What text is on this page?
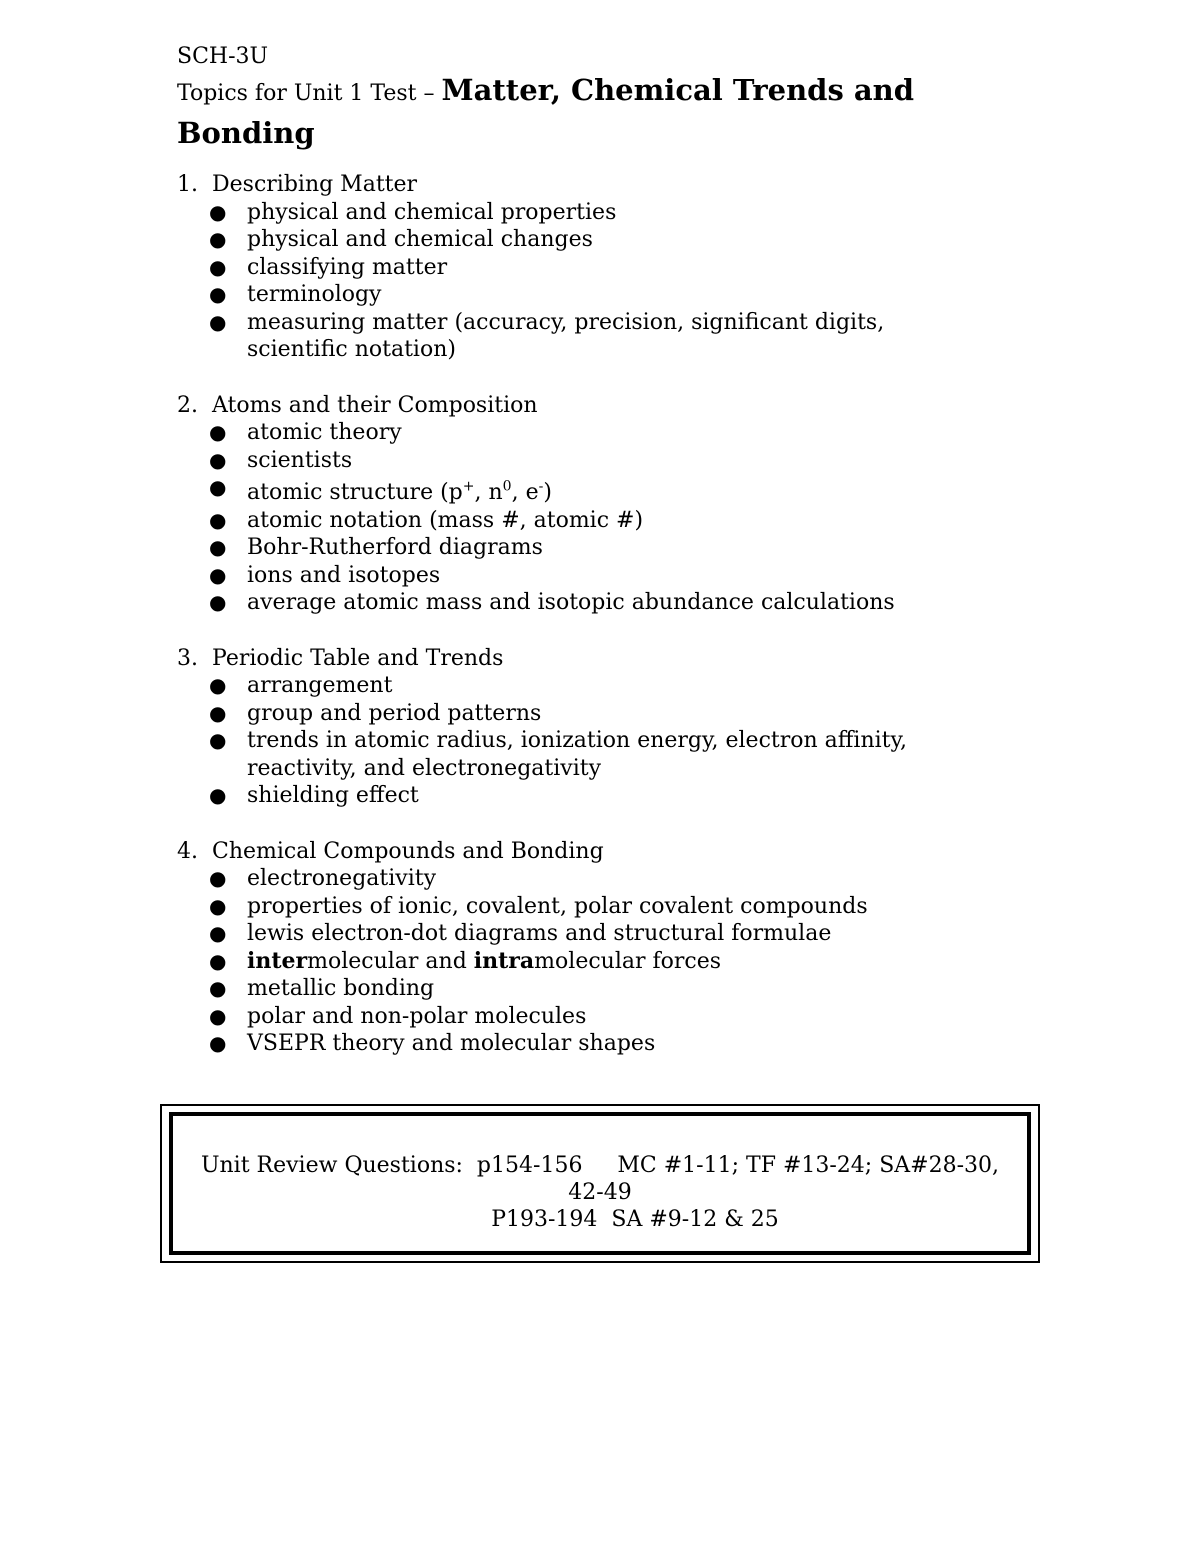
SCH-3U
Topics for Unit 1 Test – Matter, Chemical Trends and Bonding
1. Describing Matter
● physical and chemical properties
● physical and chemical changes
● classifying matter
● terminology
● measuring matter (accuracy, precision, significant digits,
scientific notation)
2. Atoms and their Composition
● atomic theory
● scientists
● atomic structure (p+, $n^0$, e-)
● atomic notation (mass #, atomic #)
● Bohr-Rutherford diagrams
● ions and isotopes
● average atomic mass and isotopic abundance calculations
3. Periodic Table and Trends
● arrangement
● group and period patterns
● trends in atomic radius, ionization energy, electron affinity,
reactivity, and electronegativity
● shielding effect
4. Chemical Compounds and Bonding
● electronegativity
● properties of ionic, covalent, polar covalent compounds
● lewis electron-dot diagrams and structural formulae
● intermolecular and intramolecular forces
● metallic bonding
● polar and non-polar molecules
● VSEPR theory and molecular shapes
Unit Review Questions:  p154-156     MC #1-11; TF #13-24; SA#28-30,
42-49
P193-194  SA #9-12 & 25
